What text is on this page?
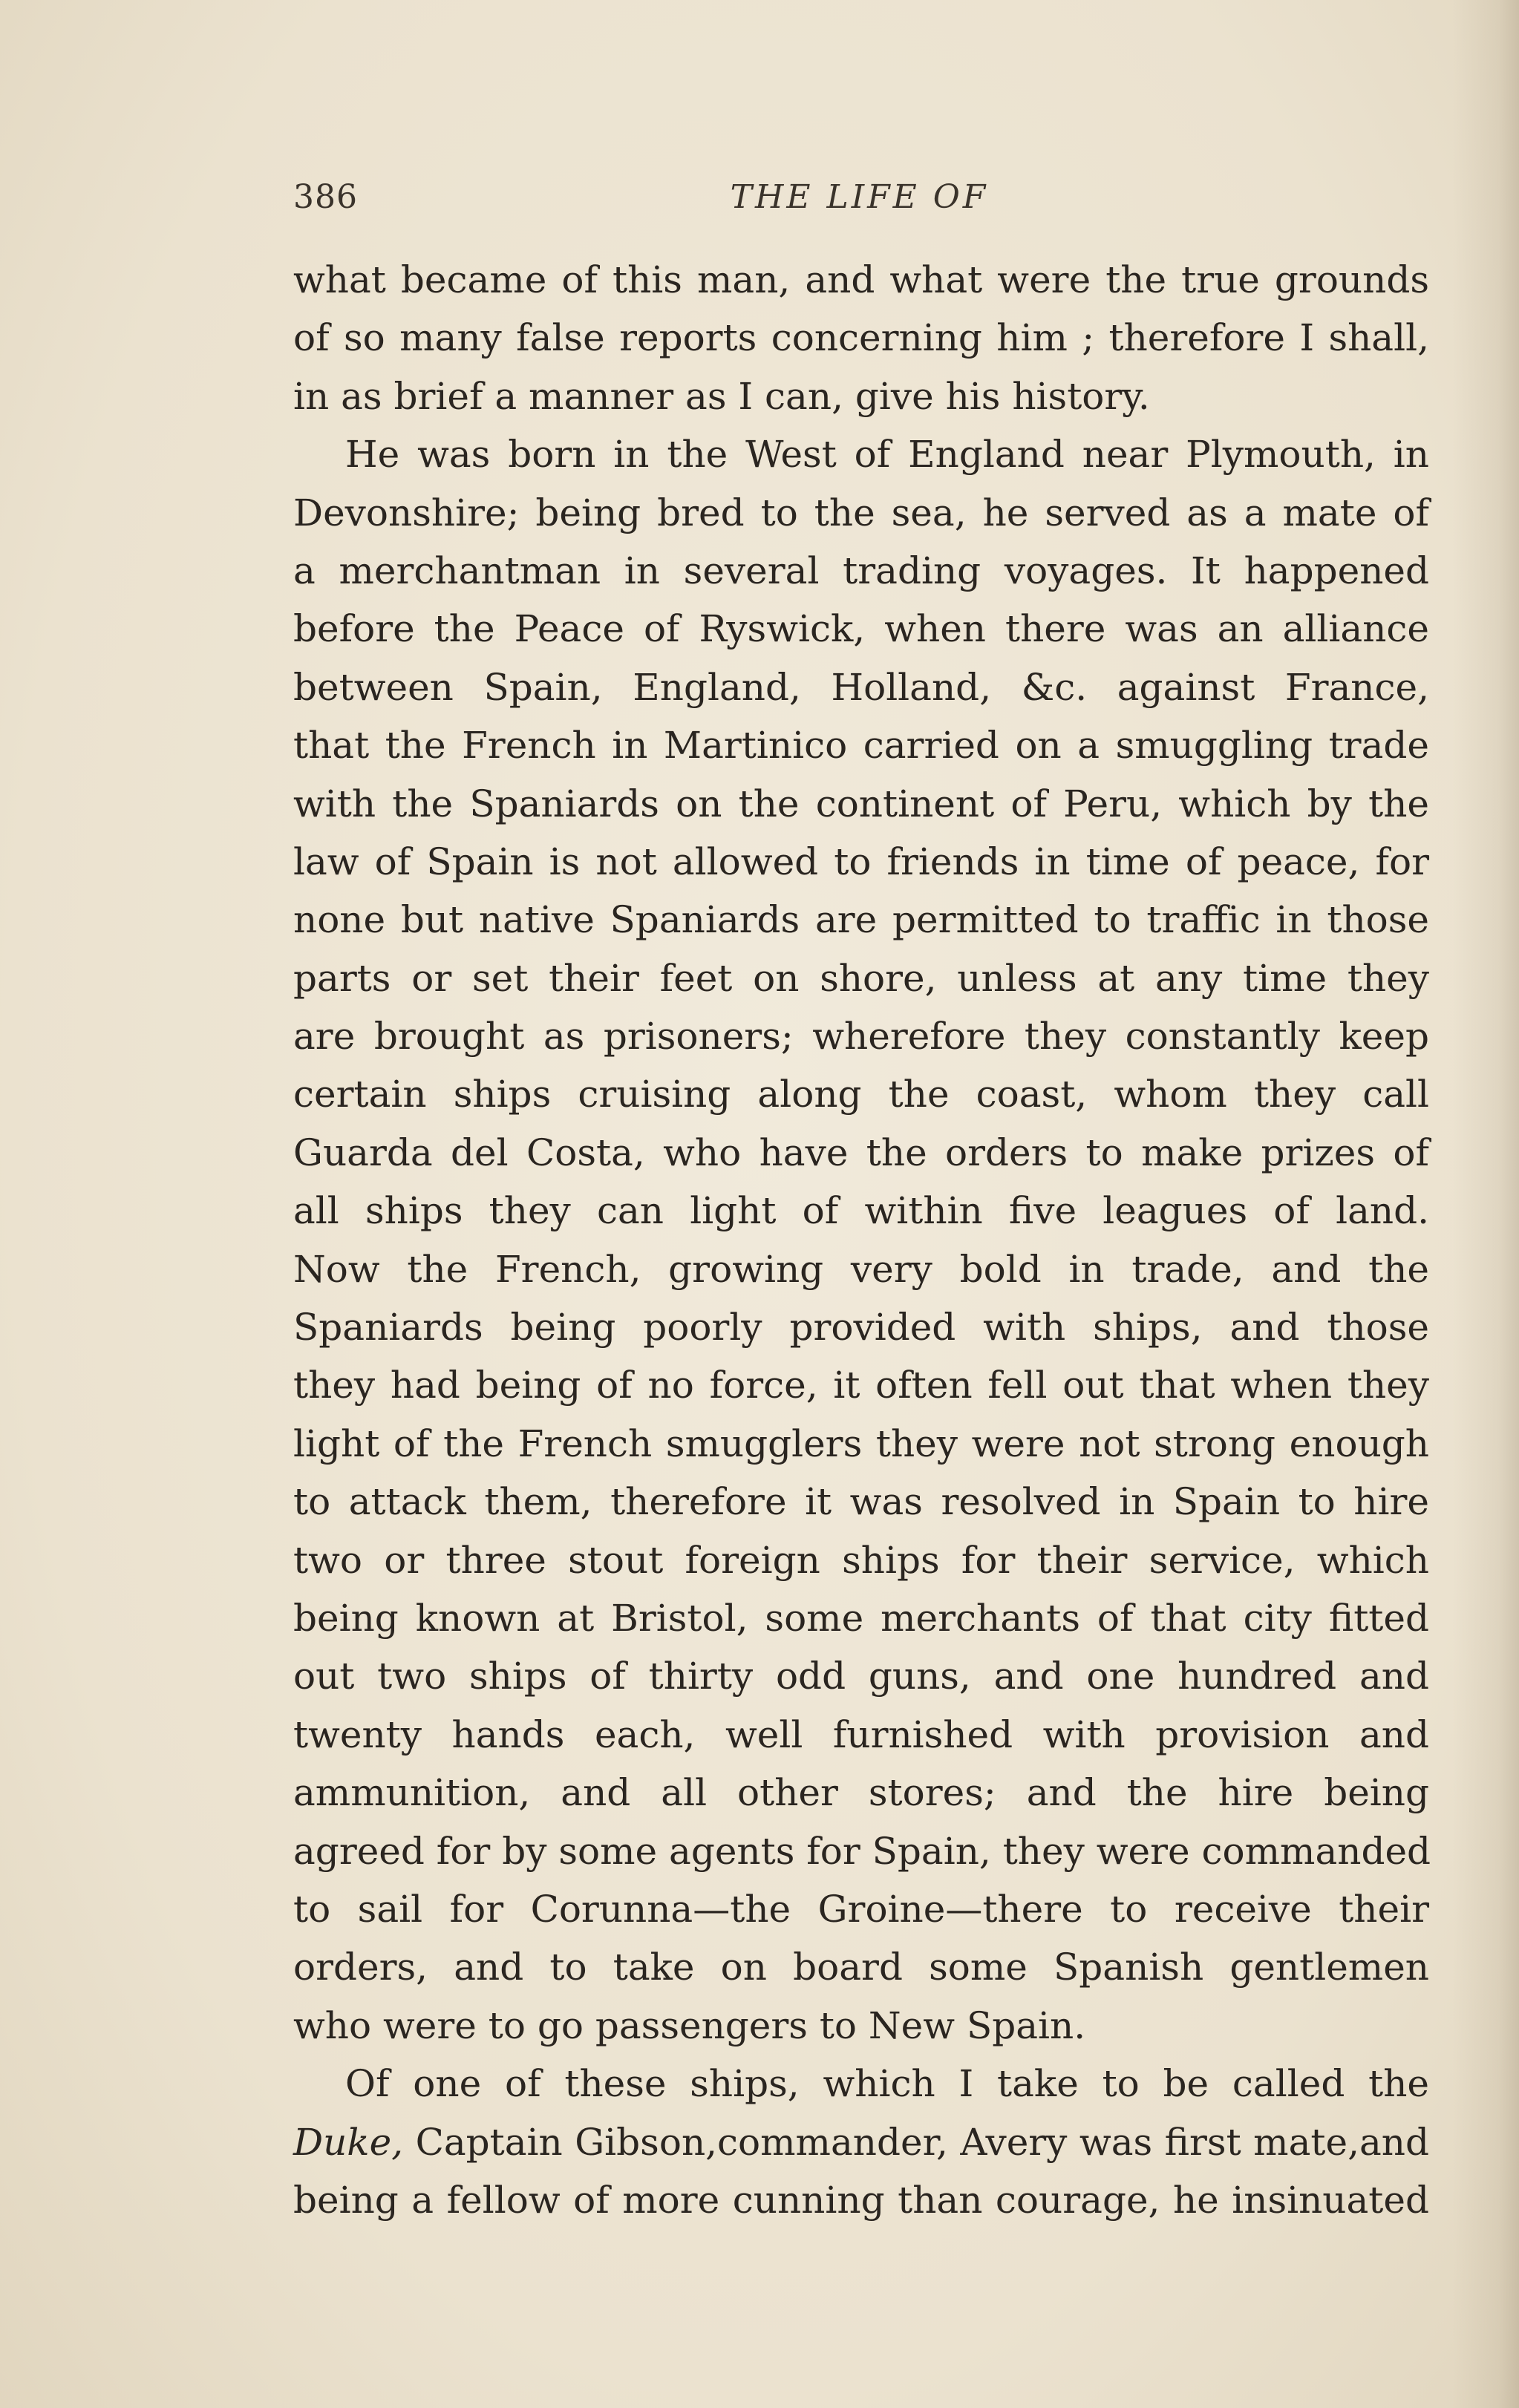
386	THE LIFE OF
what became of this man, and what were the true grounds
of so many false reports concerning him ; therefore I shall,
in as brief a manner as I can, give his history.
He was born in the West of England near Plymouth, in
Devonshire; being bred to the sea, he served as a mate of
a merchantman in several trading voyages. It happened
before the Peace of Ryswick, when there was an alliance
between Spain, England, Holland, &c. against France,
that the French in Martinico carried on a smuggling trade
with the Spaniards on the continent of Peru, which by the
law of Spain is not allowed to friends in time of peace, for
none but native Spaniards are permitted to traffic in those
parts or set their feet on shore, unless at any time they
are brought as prisoners; wherefore they constantly keep
certain ships cruising along the coast, whom they call
Guarda del Costa, who have the orders to make prizes of
all ships they can light of within five leagues of land.
Now the French, growing very bold in trade, and the
Spaniards being poorly provided with ships, and those
they had being of no force, it often fell out that when they
light of the French smugglers they were not strong enough
to attack them, therefore it was resolved in Spain to hire
two or three stout foreign ships for their service, which
being known at Bristol, some merchants of that city fitted
out two ships of thirty odd guns, and one hundred and
twenty hands each, well furnished with provision and
ammunition, and all other stores; and the hire being
agreed for by some agents for Spain, they were commanded
to sail for Corunna—the Groine—there to receive their
orders, and to take on board some Spanish gentlemen
who were to go passengers to New Spain.
Of one of these ships, which I take to be called the
Duke, Captain Gibson,commander, Avery was first mate,and
being a fellow of more cunning than courage, he insinuated
